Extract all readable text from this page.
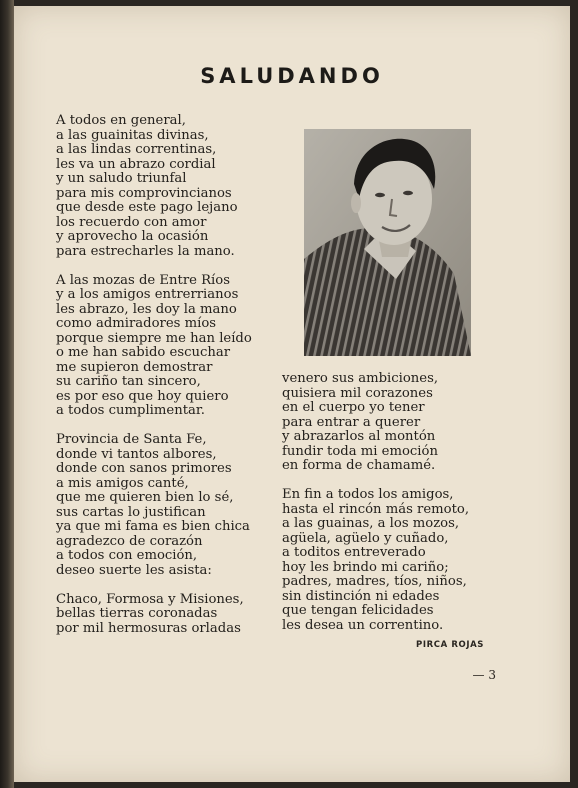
SALUDANDO
A todos en general,
a las guainitas divinas,
a las lindas correntinas,
les va un abrazo cordial
y un saludo triunfal
para mis comprovincianos
que desde este pago lejano
los recuerdo con amor
y aprovecho la ocasión
para estrecharles la mano.
A las mozas de Entre Ríos
y a los amigos entrerrianos
les abrazo, les doy la mano
como admiradores míos
porque siempre me han leído
o me han sabido escuchar
me supieron demostrar
su cariño tan sincero,
es por eso que hoy quiero
a todos cumplimentar.
Provincia de Santa Fe,
donde vi tantos albores,
donde con sanos primores
a mis amigos canté,
que me quieren bien lo sé,
sus cartas lo justifican
ya que mi fama es bien chica
agradezco de corazón
a todos con emoción,
deseo suerte les asista:
Chaco, Formosa y Misiones,
bellas tierras coronadas
por mil hermosuras orladas
venero sus ambiciones,
quisiera mil corazones
en el cuerpo yo tener
para entrar a querer
y abrazarlos al montón
fundir toda mi emoción
en forma de chamamé.
En fin a todos los amigos,
hasta el rincón más remoto,
a las guainas, a los mozos,
agüela, agüelo y cuñado,
a toditos entreverado
hoy les brindo mi cariño;
padres, madres, tíos, niños,
sin distinción ni edades
que tengan felicidades
les desea un correntino.
PIRCA ROJAS
— 3
